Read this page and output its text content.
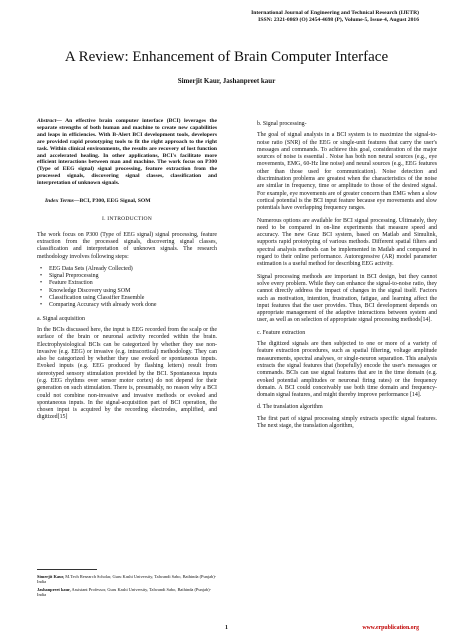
International Journal of Engineering and Technical Research (IJETR)
ISSN: 2321-0869 (O) 2454-4698 (P), Volume-5, Issue-4, August 2016
A Review: Enhancement of Brain Computer Interface
Simerjit Kaur, Jashanpreet kaur

Abstract— An effective brain computer interface (BCI) leverages the separate strengths of both human and machine to create new capabilities and leaps in efficiencies. With B-Alert BCI development tools, developers are provided rapid prototyping tools to fit the right approach to the right task. Within clinical environments, the results are recovery of lost function and accelerated healing. In other applications, BCI's facilitate more efficient interactions between man and machine. The work focus on P300 (Type of EEG signal) signal processing, feature extraction from the processed signals, discovering signal classes, classification and interpretation of unknown signals.

Index Terms—BCI, P300, EEG Signal, SOM

I. INTRODUCTION

The work focus on P300 (Type of EEG signal) signal processing, feature extraction from the processed signals, discovering signal classes, classification and interpretation of unknown signals. The research methodology involves following steps:

• EEG Data Sets (Already Collected)
• Signal Preprocessing
• Feature Extraction
• Knowledge Discovery using SOM
• Classification using Classifier Ensemble
• Comparing Accuracy with already work done

a. Signal acquisition

In the BCIs discussed here, the input is EEG recorded from the scalp or the surface of the brain or neuronal activity recorded within the brain. Electrophysiological BCIs can be categorized by whether they use non-invasive (e.g. EEG) or invasive (e.g. intracortical) methodology. They can also be categorized by whether they use evoked or spontaneous inputs. Evoked inputs (e.g. EEG produced by flashing letters) result from stereotyped sensory stimulation provided by the BCI. Spontaneous inputs (e.g. EEG rhythms over sensor motor cortex) do not depend for their generation on such stimulation. There is, presumably, no reason why a BCI could not combine non-invasive and invasive methods or evoked and spontaneous inputs. In the signal-acquisition part of BCI operation, the chosen input is acquired by the recording electrodes, amplified, and digitized[15]

Simerjit Kaur, M.Tech Research Scholar, Guru Kashi University, Talwandi Sabo, Bathinda (Punjab)-India

Jashanpreet kaur, Assistant Professor, Guru Kashi University, Talwandi Sabo, Bathinda (Punjab)-India

b. Signal processing-

The goal of signal analysis in a BCI system is to maximize the signal-to-noise ratio (SNR) of the EEG or single-unit features that carry the user's messages and commands. To achieve this goal, consideration of the major sources of noise is essential . Noise has both non neural sources (e.g., eye movements, EMG, 60-Hz line noise) and neural sources (e.g., EEG features other than those used for communication). Noise detection and discrimination problems are greatest when the characteristics of the noise are similar in frequency, time or amplitude to those of the desired signal. For example, eye movements are of greater concern than EMG when a slow cortical potential is the BCI input feature because eye movements and slow potentials have overlapping frequency ranges.

Numerous options are available for BCI signal processing. Ultimately, they need to be compared in on-line experiments that measure speed and accuracy. The new Graz BCI system, based on Matlab and Simulink, supports rapid prototyping of various methods. Different spatial filters and spectral analysis methods can be implemented in Matlab and compared in regard to their online performance. Autoregressive (AR) model parameter estimation is a useful method for describing EEG activity.

Signal processing methods are important in BCI design, but they cannot solve every problem. While they can enhance the signal-to-noise ratio, they cannot directly address the impact of changes in the signal itself. Factors such as motivation, intention, frustration, fatigue, and learning affect the input features that the user provides. Thus, BCI development depends on appropriate management of the adaptive interactions between system and user, as well as on selection of appropriate signal processing methods[14].

c. Feature extraction

The digitized signals are then subjected to one or more of a variety of feature extraction procedures, such as spatial filtering, voltage amplitude measurements, spectral analyses, or single-neuron separation. This analysis extracts the signal features that (hopefully) encode the user's messages or commands. BCIs can use signal features that are in the time domain (e.g. evoked potential amplitudes or neuronal firing rates) or the frequency domain. A BCI could conceivably use both time domain and frequency-domain signal features, and might thereby improve performance [14].

d. The translation algorithm

The first part of signal processing simply extracts specific signal features. The next stage, the translation algorithm,

1	www.erpublication.org
